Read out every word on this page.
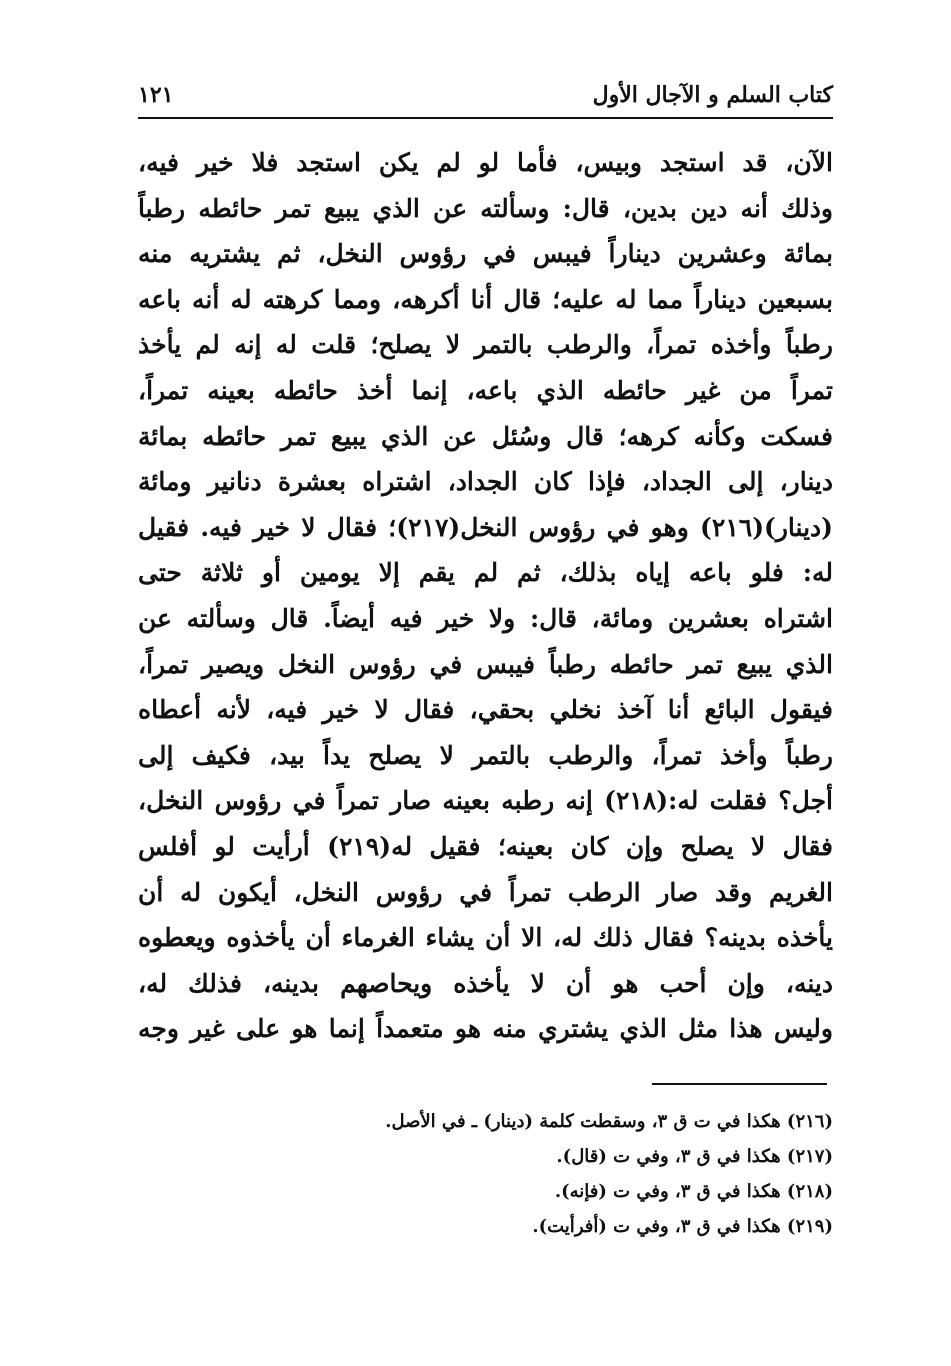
كتاب السلم و الآجال الأول
١٢١
الآن، قد استجد وبيس، فأما لو لم يكن استجد فلا خير فيه،
وذلك أنه دين بدين، قال: وسألته عن الذي يبيع تمر حائطه رطباً
بمائة وعشرين ديناراً فيبس في رؤوس النخل، ثم يشتريه منه
بسبعين ديناراً مما له عليه؛ قال أنا أكرهه، ومما كرهته له أنه باعه
رطباً وأخذه تمراً، والرطب بالتمر لا يصلح؛ قلت له إنه لم يأخذ
تمراً من غير حائطه الذي باعه، إنما أخذ حائطه بعينه تمراً،
فسكت وكأنه كرهه؛ قال وسُئل عن الذي يبيع تمر حائطه بمائة
دينار، إلى الجداد، فإذا كان الجداد، اشتراه بعشرة دنانير ومائة
(دينار)(٢١٦) وهو في رؤوس النخل(٢١٧)؛ فقال لا خير فيه. فقيل
له: فلو باعه إياه بذلك، ثم لم يقم إلا يومين أو ثلاثة حتى
اشتراه بعشرين ومائة، قال: ولا خير فيه أيضاً. قال وسألته عن
الذي يبيع تمر حائطه رطباً فيبس في رؤوس النخل ويصير تمراً،
فيقول البائع أنا آخذ نخلي بحقي، فقال لا خير فيه، لأنه أعطاه
رطباً وأخذ تمراً، والرطب بالتمر لا يصلح يداً بيد، فكيف إلى
أجل؟ فقلت له:(٢١٨) إنه رطبه بعينه صار تمراً في رؤوس النخل،
فقال لا يصلح وإن كان بعينه؛ فقيل له(٢١٩) أرأيت لو أفلس
الغريم وقد صار الرطب تمراً في رؤوس النخل، أيكون له أن
يأخذه بدينه؟ فقال ذلك له، الا أن يشاء الغرماء أن يأخذوه ويعطوه
دينه، وإن أحب هو أن لا يأخذه ويحاصهم بدينه، فذلك له،
وليس هذا مثل الذي يشتري منه هو متعمداً إنما هو على غير وجه
(٢١٦) هكذا في ت ق ٣، وسقطت كلمة (دينار) ـ في الأصل.
(٢١٧) هكذا في ق ٣، وفي ت (قال).
(٢١٨) هكذا في ق ٣، وفي ت (فإنه).
(٢١٩) هكذا في ق ٣، وفي ت (أفرأيت).
